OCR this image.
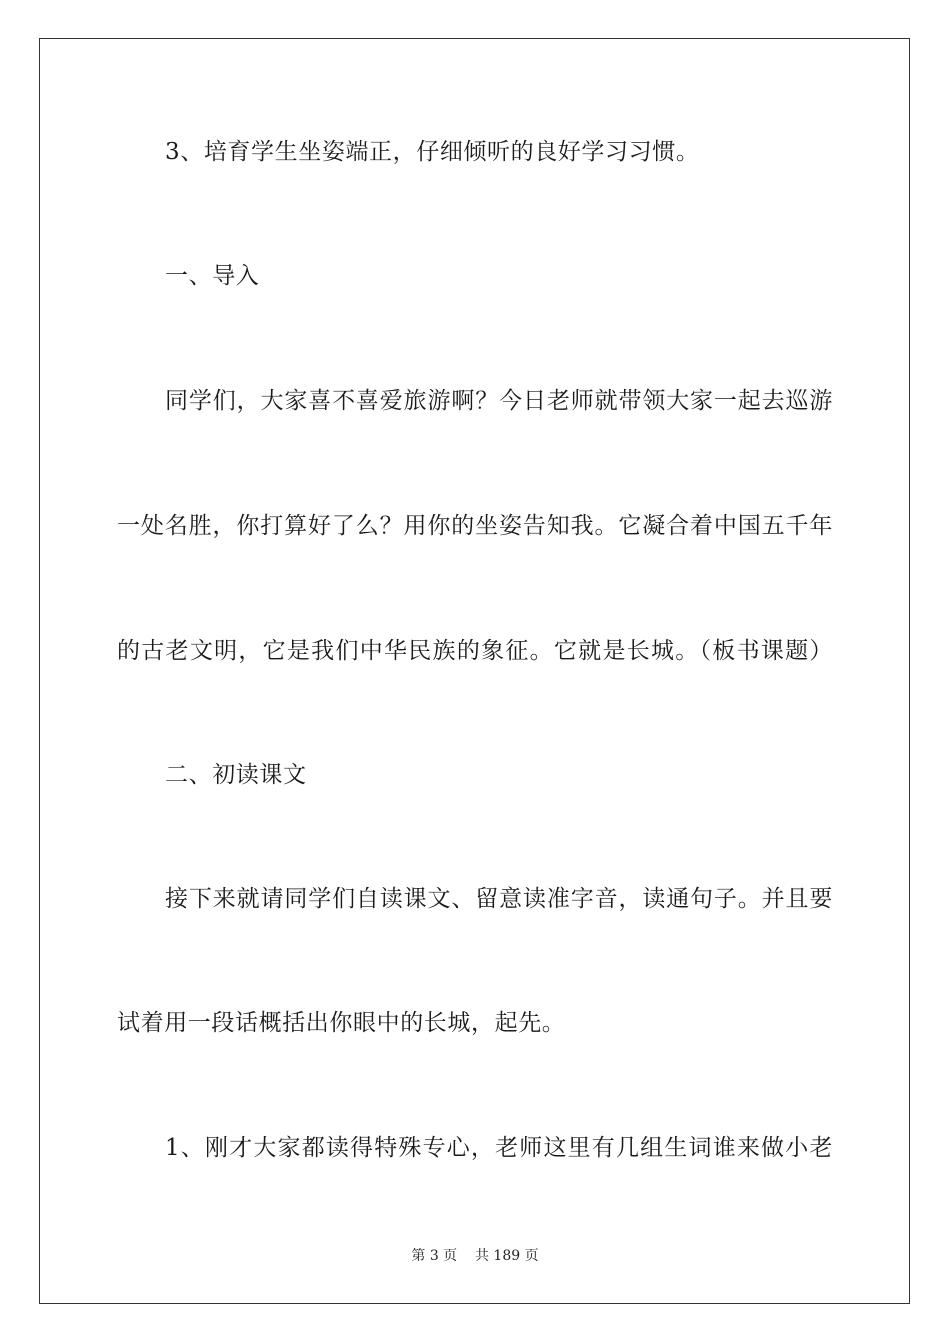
3、培育学生坐姿端正，仔细倾听的良好学习习惯。
一、导入
同学们，大家喜不喜爱旅游啊？今日老师就带领大家一起去巡游
一处名胜，你打算好了么？用你的坐姿告知我。它凝合着中国五千年
的古老文明，它是我们中华民族的象征。它就是长城。（板书课题）
二、初读课文
接下来就请同学们自读课文、留意读准字音，读通句子。并且要
试着用一段话概括出你眼中的长城，起先。
1、刚才大家都读得特殊专心，老师这里有几组生词谁来做小老
第 3 页    共 189 页
